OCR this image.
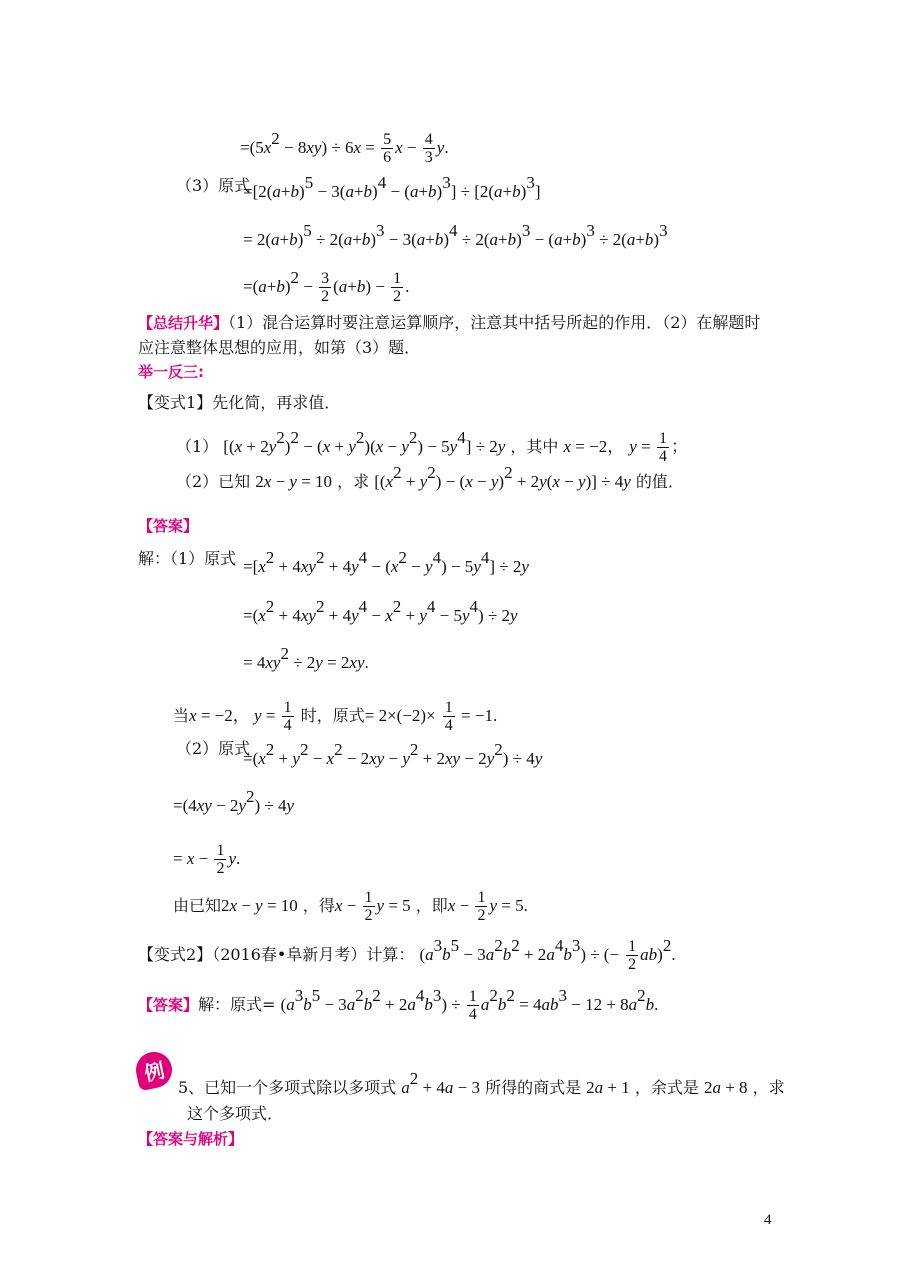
$=(5x^2 - 8xy) \div 6x = \frac{5}{6}$ $x - \frac{4}{3} y$.
（3）原式
$=[2(a+b)^5 - 3(a+b)^4 - (a+b)^3] \div [2(a+b)^3]$
= $2(a+b)^5 \div 2(a+b)^3 - 3(a+b)^4 \div 2(a+b)^3 - (a+b)^3 \div 2(a+b)^3$
$=(a+b)^2 - \frac{3}{2} (a+b) - \frac{1}{2}$ .
【总结升华】（1）混合运算时要注意运算顺序，注意其中括号所起的作用．（2）在解题时
应注意整体思想的应用，如第（3）题．
举一反三:
【变式1】先化简，再求值．
（1） $[(x + 2y^2)^2 - (x + y^2)(x - y^2) - 5y^4] \div 2y$ ，其中 x = −2， $y = \frac{1}{4}$ ；
（2）已知 2x − y = 10 ，求 $[(x^2 + y^2) - (x - y)^2 + 2y(x - y)] \div 4y$ 的值．
【答案】
解：（1）原式 $=[x^2 + 4xy^2 + 4y^4 - (x^2 - y^4) - 5y^4] \div 2y$
$=(x^2 + 4xy^2 + 4y^4 - x^2 + y^4 - 5y^4) \div 2y$
= $4xy^2 \div 2y = 2xy$.
当x = −2， $y = \frac{1}{4}$ 时，原式= $2\times(-2)\times \frac{1}{4} = -1$.
（2）原式
$=(x^2 + y^2 - x^2 - 2xy - y^2 + 2xy - 2y^2) \div 4y$
$=(4xy - 2y^2) \div 4y$
= $x - \frac{1}{2} y$.
由已知2x − y = 10 ，得$x - \frac{1}{2}$ y = 5 ，即$x - \frac{1}{2}$ y = 5.
【变式2】（2016春•阜新月考）计算： $(a^3b^5 - 3a^2b^2 + 2a^4b^3)$ ÷ (− $\frac{1}{2} ab)^2$.
【答案】解：原式= $(a^3b^5 - 3a^2b^2 + 2a^4b^3) \div \frac{1}{4} a^2b^2 = 4ab^3 - 12 + 8a^2b$.
例
5、已知一个多项式除以多项式 $a^2 + 4a - 3$ 所得的商式是 2a + 1 ，余式是 2a + 8 ，求
这个多项式．
【答案与解析】
4
